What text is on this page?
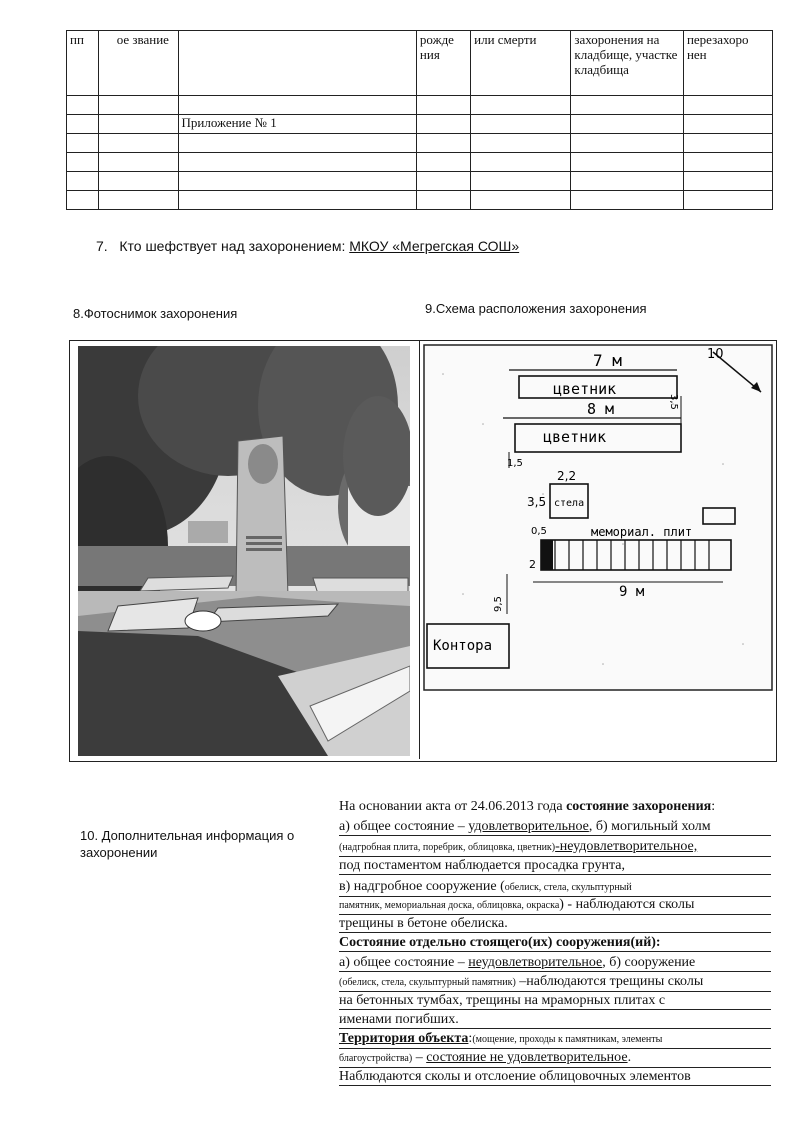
пп	ое звание		рожде ния	или смерти	захоронения на кладбище, участке кладбища	перезахоро нен

		Приложение № 1				

7. Кто шефствует над захоронением: МКОУ «Мегрегская СОШ»
8.Фотоснимок захоронения	9.Схема расположения захоронения
7 м
цветник
3,5
8 м
цветник
1,5
2,2
3,5 стела
0,5	мемориал. плит
2
9 м
9,5
Контора
10
10. Дополнительная информация о захоронении
На основании акта от 24.06.2013 года состояние захоронения:
а) общее состояние – удовлетворительное, б) могильный холм
(надгробная плита, поребрик, облицовка, цветник)-неудовлетворительное,
под постаментом наблюдается просадка грунта,
в) надгробное сооружение (обелиск, стела, скульптурный
памятник, мемориальная доска, облицовка, окраска) - наблюдаются сколы
трещины в бетоне обелиска.
Состояние отдельно стоящего(их) сооружения(ий):
а) общее состояние – неудовлетворительное, б) сооружение
(обелиск, стела, скульптурный памятник) –наблюдаются трещины сколы
на бетонных тумбах, трещины на мраморных плитах с
именами погибших.
Территория объекта:(мощение, проходы к памятникам, элементы
благоустройства) – состояние не удовлетворительное.
Наблюдаются сколы и отслоение облицовочных элементов
